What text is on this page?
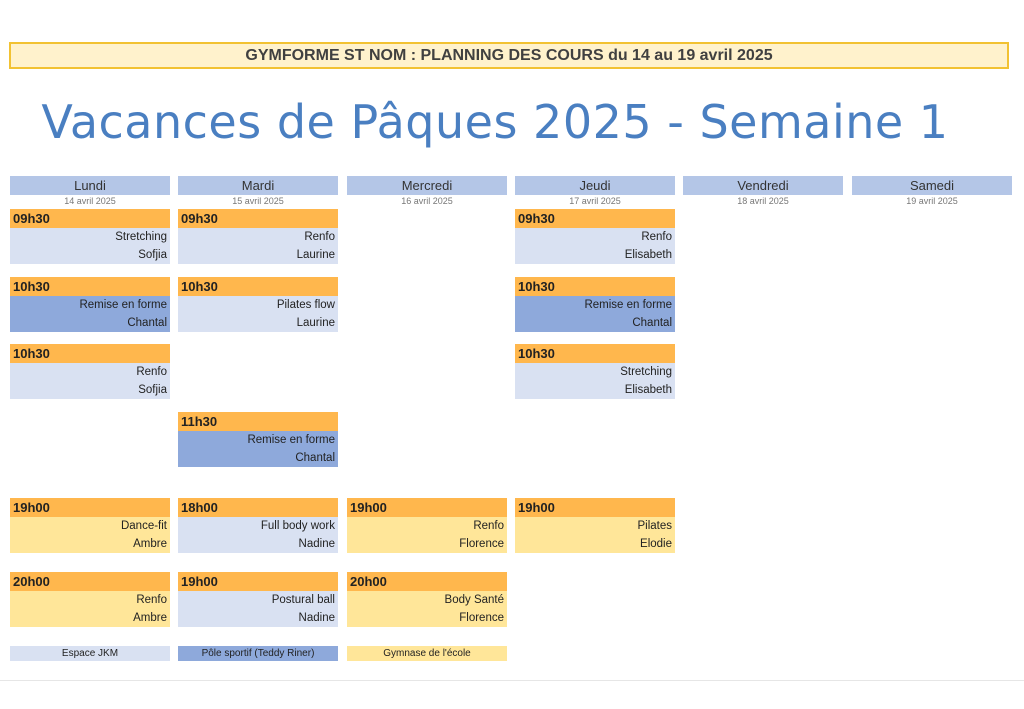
GYMFORME ST NOM : PLANNING DES COURS du 14 au 19 avril 2025
Vacances de Pâques 2025 - Semaine 1
Lundi
14 avril 2025
Mardi
15 avril 2025
Mercredi
16 avril 2025
Jeudi
17 avril 2025
Vendredi
18 avril 2025
Samedi
19 avril 2025
09h30
Stretching
Sofjia
10h30
Remise en forme
Chantal
10h30
Renfo
Sofjia
19h00
Dance-fit
Ambre
20h00
Renfo
Ambre
09h30
Renfo
Laurine
10h30
Pilates flow
Laurine
11h30
Remise en forme
Chantal
18h00
Full body work
Nadine
19h00
Postural ball
Nadine
19h00
Renfo
Florence
20h00
Body Santé
Florence
09h30
Renfo
Elisabeth
10h30
Remise en forme
Chantal
10h30
Stretching
Elisabeth
19h00
Pilates
Elodie
Espace JKM	Pôle sportif (Teddy Riner)	Gymnase de l'école
